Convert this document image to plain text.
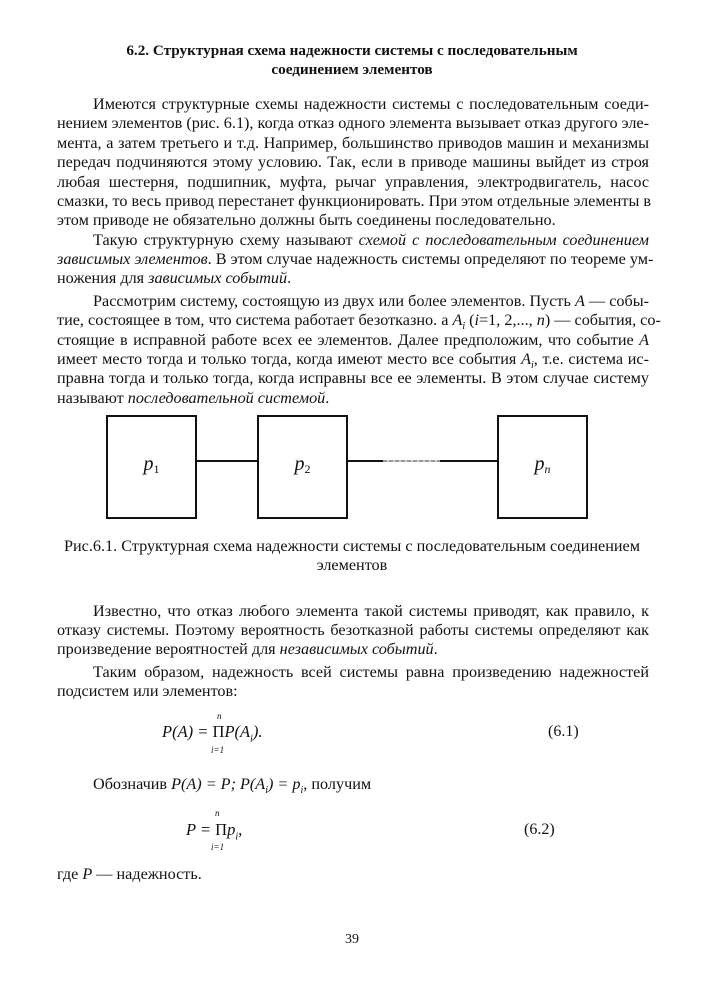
6.2. Структурная схема надежности системы с последовательным
соединением элементов
Имеются структурные схемы надежности системы с последовательным соеди-
нением элементов (рис. 6.1), когда отказ одного элемента вызывает отказ другого эле-
мента, а затем третьего и т.д. Например, большинство приводов машин и механизмы
передач подчиняются этому условию. Так, если в приводе машины выйдет из строя
любая шестерня, подшипник, муфта, рычаг управления, электродвигатель, насос
смазки, то весь привод перестанет функционировать. При этом отдельные элементы в
этом приводе не обязательно должны быть соединены последовательно.
Такую структурную схему называют схемой с последовательным соединением
зависимых элементов. В этом случае надежность системы определяют по теореме ум-
ножения для зависимых событий.
Рассмотрим систему, состоящую из двух или более элементов. Пусть A — собы-
тие, состоящее в том, что система работает безотказно. а $A_i$ (i=1, 2,..., n) — события, со-
стоящие в исправной работе всех ее элементов. Далее предположим, что событие A
имеет место тогда и только тогда, когда имеют место все события $A_i$, т.е. система ис-
правна тогда и только тогда, когда исправны все ее элементы. В этом случае систему
называют последовательной системой.
$p_1$	$p_2$	$p_n$
Рис.6.1. Структурная схема надежности системы с последовательным соединением
элементов
Известно, что отказ любого элемента такой системы приводят, как правило, к
отказу системы. Поэтому вероятность безотказной работы системы определяют как
произведение вероятностей для независимых событий.
Таким образом, надежность всей системы равна произведению надежностей
подсистем или элементов:
$P(A) = \Pi P(A_i)$.
n
i=1
(6.1)
Обозначив P(A) = P; $P(A_i) = p_i$, получим
$P = \Pi p_i$,
n
i=1
(6.2)
где P — надежность.
39
